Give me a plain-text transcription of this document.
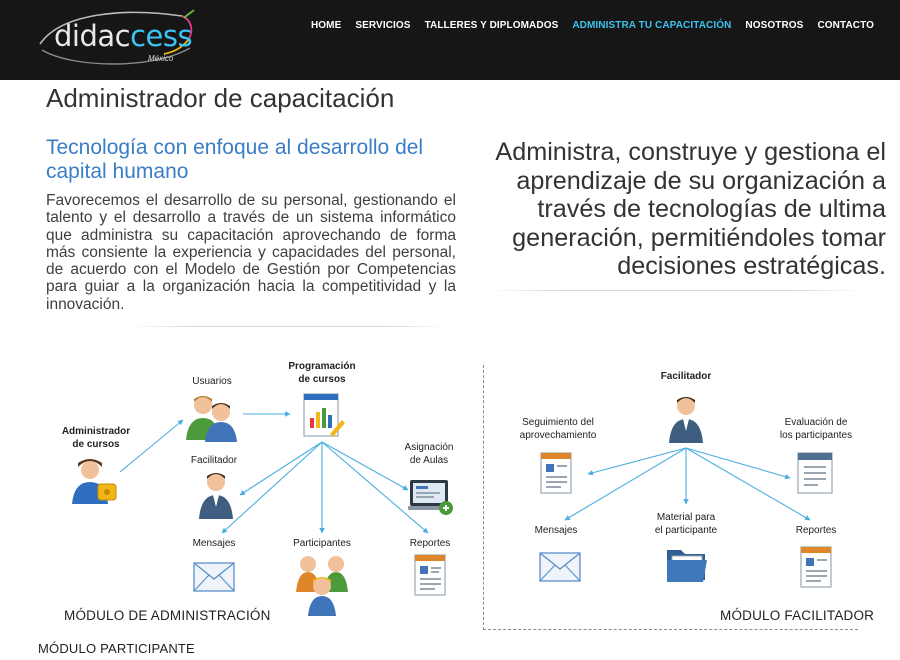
didaccess
México
HOME SERVICIOS TALLERES Y DIPLOMADOS ADMINISTRA TU CAPACITACIÓN NOSOTROS CONTACTO
Administrador de capacitación
Tecnología con enfoque al desarrollo del capital humano

Favorecemos el desarrollo de su personal, gestionando el talento y el desarrollo a través de un sistema informático que administra su capacitación aprovechando de forma más consiente la experiencia y capacidades del personal, de acuerdo con el Modelo de Gestión por Competencias para guiar a la organización hacia la competitividad y la innovación.

Administra, construye y gestiona el aprendizaje de su organización a través de tecnologías de ultima generación, permitiéndoles tomar decisiones estratégicas.

Administrador
de cursos
Usuarios
Programación
de cursos
Facilitador
Asignación
de Aulas
Mensajes	Participantes	Reportes
MÓDULO DE ADMINISTRACIÓN
Facilitador
Seguimiento del
aprovechamiento
Evaluación de
los participantes
Mensajes
Material para
el participante	Reportes
MÓDULO FACILITADOR
MÓDULO PARTICIPANTE
